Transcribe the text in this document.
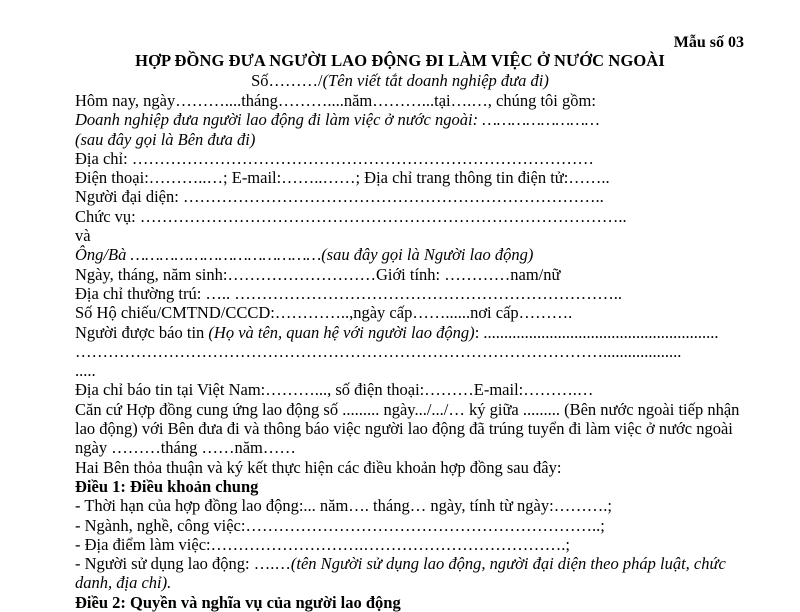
Mẫu số 03
HỢP ĐỒNG ĐƯA NGƯỜI LAO ĐỘNG ĐI LÀM VIỆC Ở NƯỚC NGOÀI
Số………/(Tên viết tắt doanh nghiệp đưa đi)
Hôm nay, ngày………....tháng………....năm………...tại….…, chúng tôi gồm:
Doanh nghiệp đưa người lao động đi làm việc ở nước ngoài: ……………………
(sau đây gọi là Bên đưa đi)
Địa chỉ: …………………………………………………………………………
Điện thoại:………..…; E-mail:……..……; Địa chỉ trang thông tin điện tử:……..
Người đại diện: …………………………………………………………………..
Chức vụ: ……………………………………………………………………………..
và
Ông/Bà …………………………………(sau đây gọi là Người lao động)
Ngày, tháng, năm sinh:………………………Giới tính: …………nam/nữ
Địa chỉ thường trú: ….. ……………………………………………………………..
Số Hộ chiếu/CMTND/CCCD:…………..,ngày cấp……......nơi cấp……….
Người được báo tin (Họ và tên, quan hệ với người lao động): .........................................................
……………………………………………………………………………………...................
.....
Địa chỉ báo tin tại Việt Nam:………..., số điện thoại:………E-mail:……….…
Căn cứ Hợp đồng cung ứng lao động số ......... ngày.../.../… ký giữa ......... (Bên nước ngoài tiếp nhận lao động) với Bên đưa đi và thông báo việc người lao động đã trúng tuyển đi làm việc ở nước ngoài ngày ………tháng ……năm……
Hai Bên thỏa thuận và ký kết thực hiện các điều khoản hợp đồng sau đây:
Điều 1: Điều khoản chung
- Thời hạn của hợp đồng lao động:... năm…. tháng… ngày, tính từ ngày:……….;
- Ngành, nghề, công việc:………………………………………………………..;
- Địa điểm làm việc:……………………….……………………………….;
- Người sử dụng lao động: ….…(tên Người sử dụng lao động, người đại diện theo pháp luật, chức danh, địa chỉ).
Điều 2: Quyền và nghĩa vụ của người lao động
